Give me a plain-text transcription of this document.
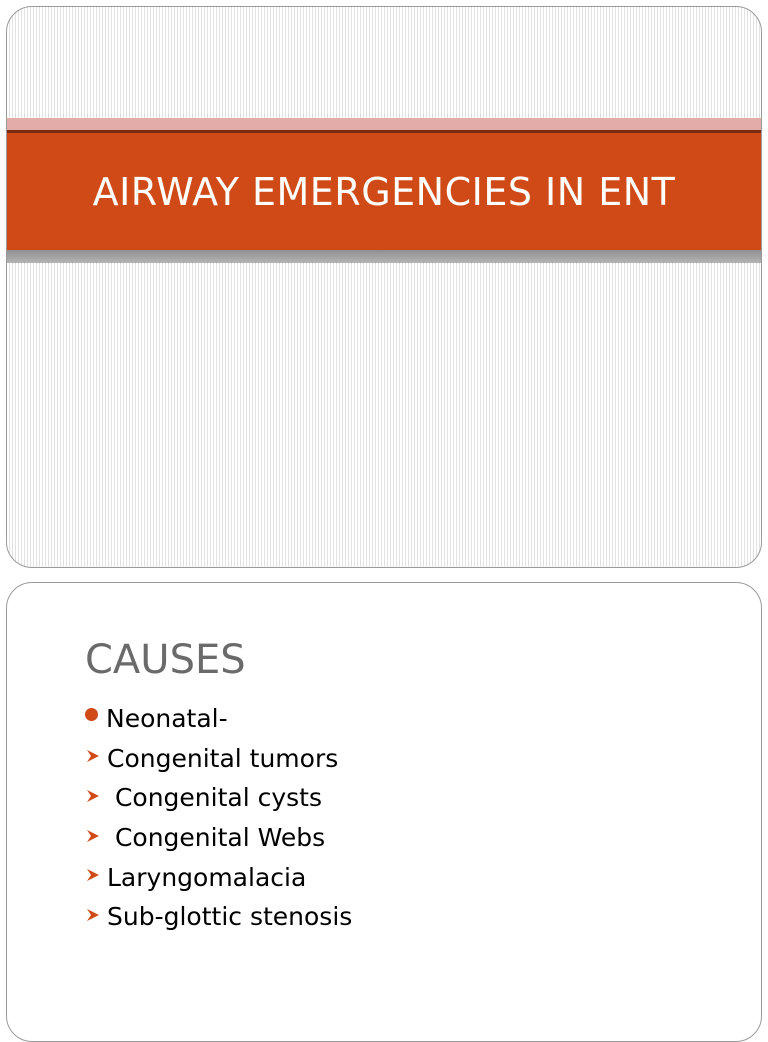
AIRWAY EMERGENCIES IN ENT
CAUSES
Neonatal-
Congenital tumors
Congenital cysts
Congenital Webs
Laryngomalacia
Sub-glottic stenosis
